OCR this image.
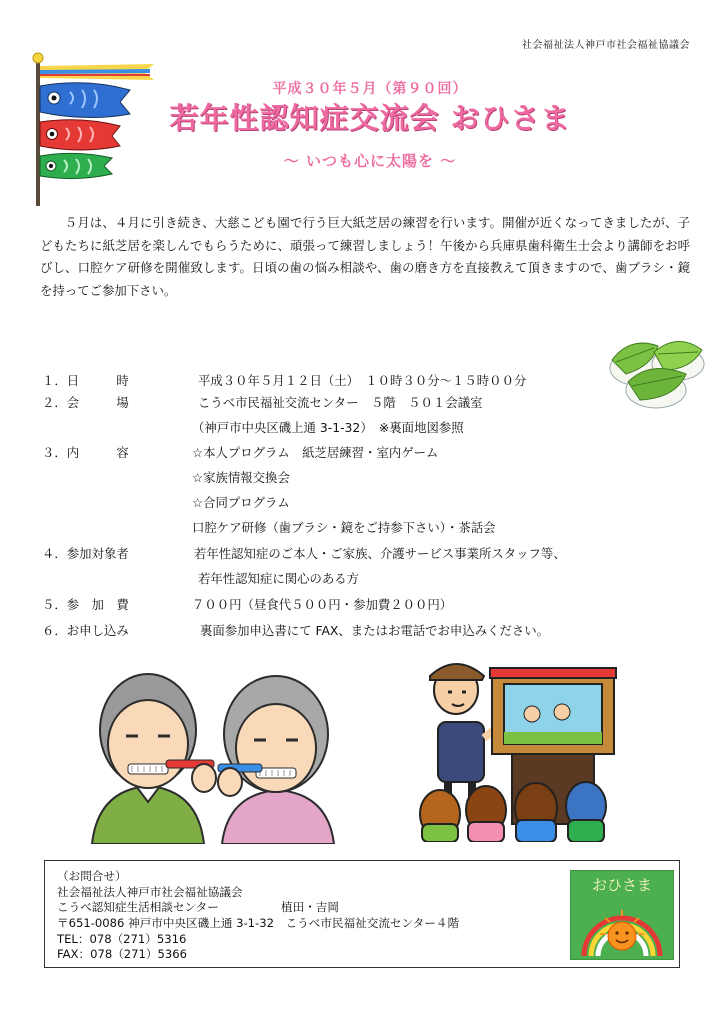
社会福祉法人神戸市社会福祉協議会
平成３０年５月（第９０回）
若年性認知症交流会 おひさま
～ いつも心に太陽を ～
５月は、４月に引き続き、大慈こども園で行う巨大紙芝居の練習を行います。開催が近くなってきましたが、子どもたちに紙芝居を楽しんでもらうために、頑張って練習しましょう！午後から兵庫県歯科衛生士会より講師をお呼びし、口腔ケア研修を開催致します。日頃の歯の悩み相談や、歯の磨き方を直接教えて頂きますので、歯ブラシ・鏡を持ってご参加下さい。
１．日　　　時	平成３０年５月１２日（土）　１０時３０分～１５時００分
２．会　　　場	こうべ市民福祉交流センター　５階　５０１会議室
（神戸市中央区磯上通 3-1-32）　※裏面地図参照
３．内　　　容	☆本人プログラム　紙芝居練習・室内ゲーム
☆家族情報交換会
☆合同プログラム
口腔ケア研修（歯ブラシ・鏡をご持参下さい）・茶話会
４．参加対象者	若年性認知症のご本人・ご家族、介護サービス事業所スタッフ等、
若年性認知症に関心のある方
５．参　加　費	７００円（昼食代５００円・参加費２００円）
６．お申し込み	裏面参加申込書にて FAX、またはお電話でお申込みください。
（お問合せ）
社会福祉法人神戸市社会福祉協議会
こうべ認知症生活相談センター	植田・吉岡
〒651-0086 神戸市中央区磯上通 3-1-32　こうべ市民福祉交流センター４階
TEL：078（271）5316
FAX：078（271）5366
おひさま
